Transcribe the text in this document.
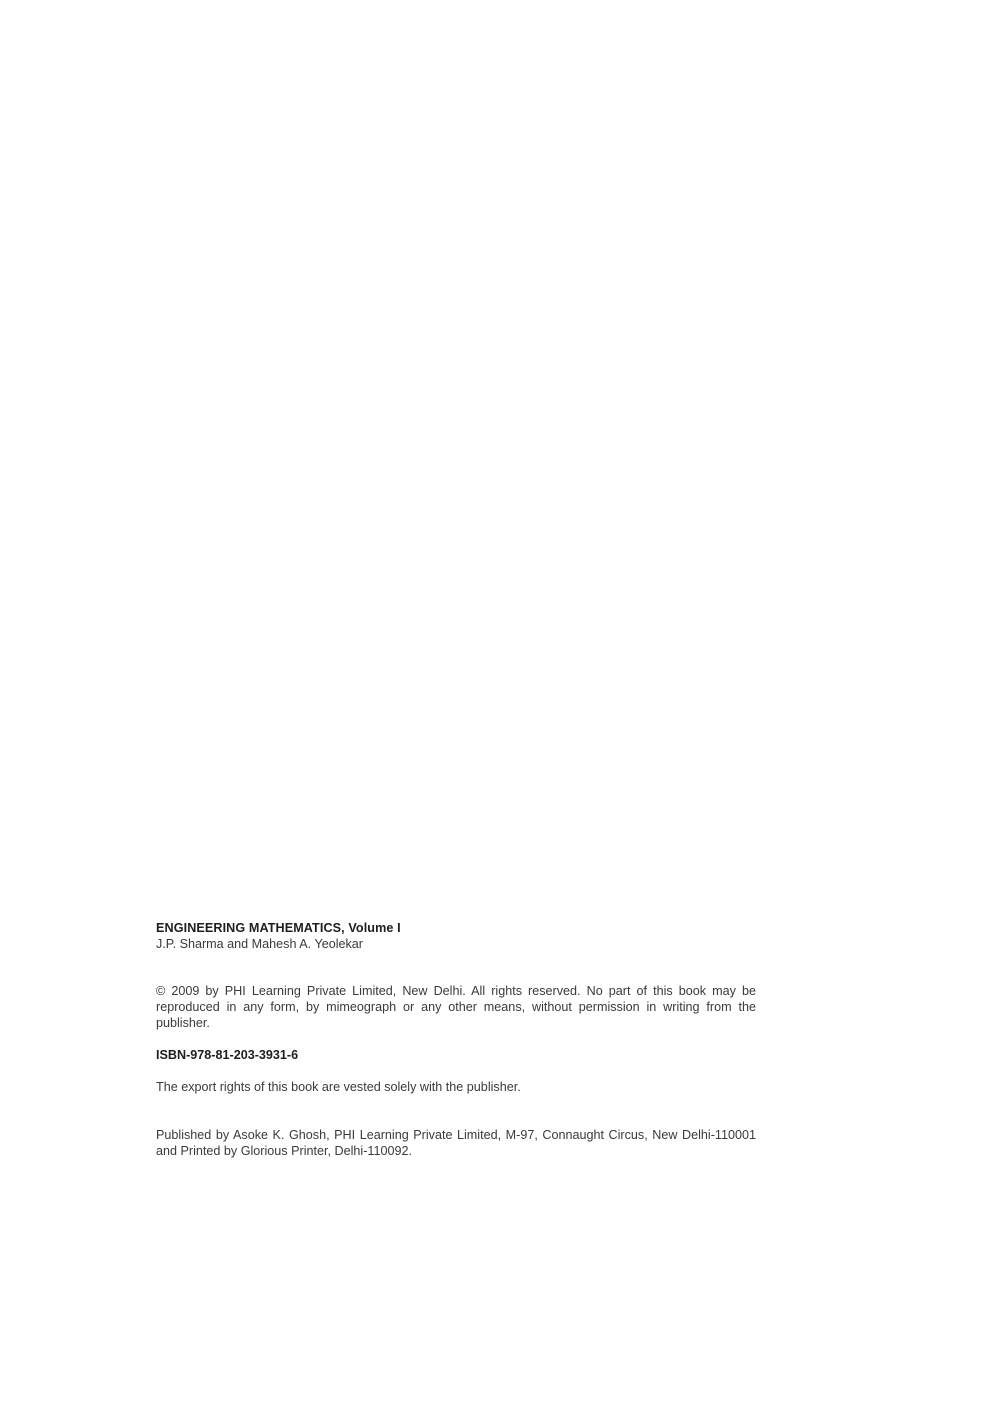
ENGINEERING MATHEMATICS, Volume I

J.P. Sharma and Mahesh A. Yeolekar

© 2009 by PHI Learning Private Limited, New Delhi. All rights reserved. No part of this book may be reproduced in any form, by mimeograph or any other means, without permission in writing from the publisher.

ISBN-978-81-203-3931-6

The export rights of this book are vested solely with the publisher.

Published by Asoke K. Ghosh, PHI Learning Private Limited, M-97, Connaught Circus, New Delhi-110001 and Printed by Glorious Printer, Delhi-110092.
